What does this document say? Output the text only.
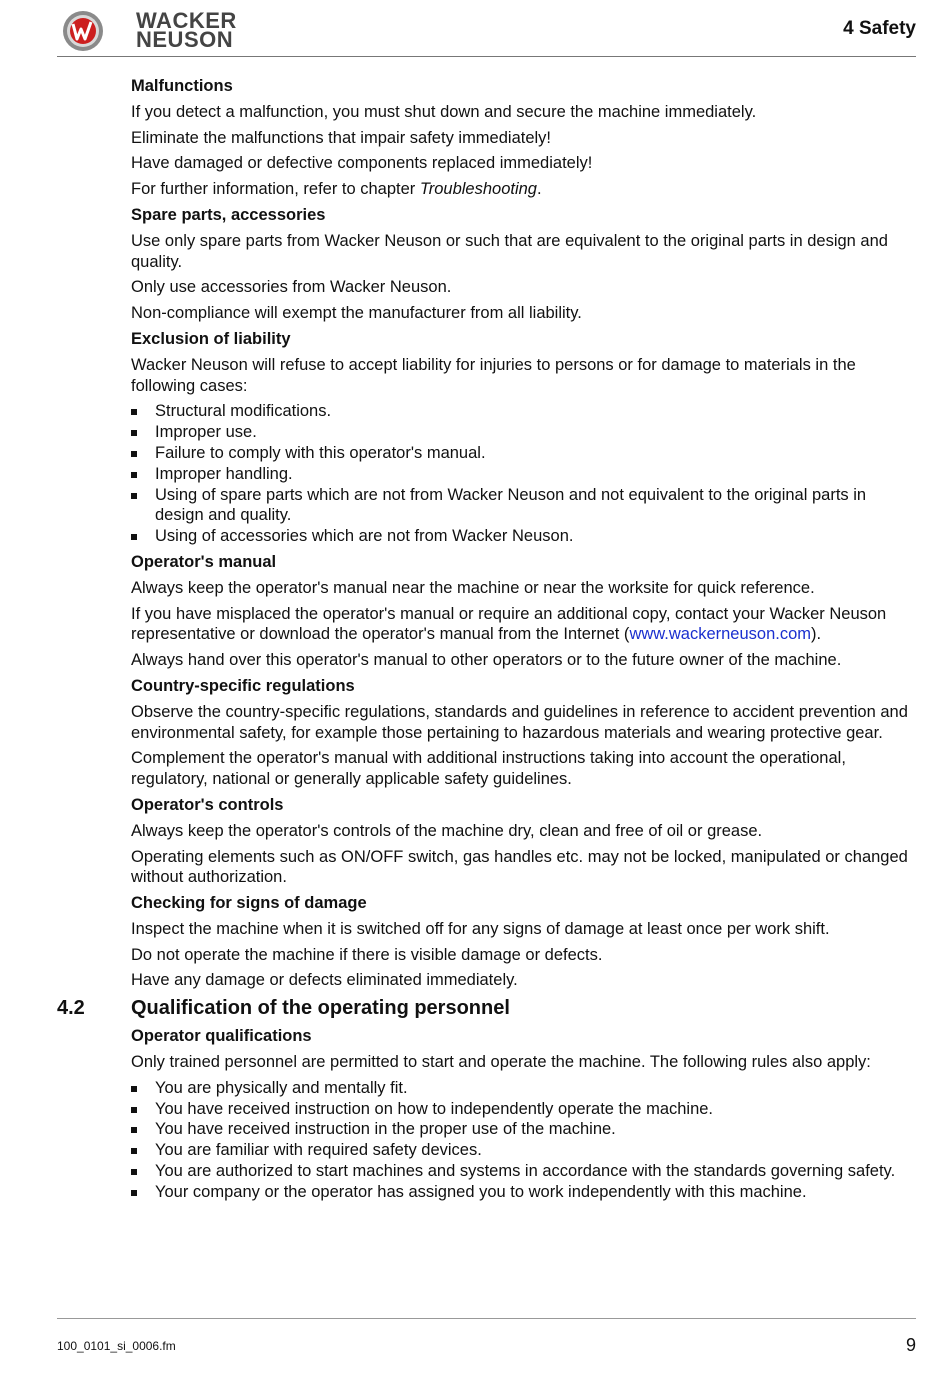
WACKER
NEUSON	4 Safety
Malfunctions
If you detect a malfunction, you must shut down and secure the machine immediately.
Eliminate the malfunctions that impair safety immediately!
Have damaged or defective components replaced immediately!
For further information, refer to chapter Troubleshooting.
Spare parts, accessories
Use only spare parts from Wacker Neuson or such that are equivalent to the original parts in design and quality.
Only use accessories from Wacker Neuson.
Non-compliance will exempt the manufacturer from all liability.
Exclusion of liability
Wacker Neuson will refuse to accept liability for injuries to persons or for damage to materials in the following cases:
Structural modifications.
Improper use.
Failure to comply with this operator's manual.
Improper handling.
Using of spare parts which are not from Wacker Neuson and not equivalent to the original parts in design and quality.
Using of accessories which are not from Wacker Neuson.
Operator's manual
Always keep the operator's manual near the machine or near the worksite for quick reference.
If you have misplaced the operator's manual or require an additional copy, contact your Wacker Neuson representative or download the operator's manual from the Internet (www.wackerneuson.com).
Always hand over this operator's manual to other operators or to the future owner of the machine.
Country-specific regulations
Observe the country-specific regulations, standards and guidelines in reference to accident prevention and environmental safety, for example those pertaining to hazardous materials and wearing protective gear.
Complement the operator's manual with additional instructions taking into account the operational, regulatory, national or generally applicable safety guidelines.
Operator's controls
Always keep the operator's controls of the machine dry, clean and free of oil or grease.
Operating elements such as ON/OFF switch, gas handles etc. may not be locked, manipulated or changed without authorization.
Checking for signs of damage
Inspect the machine when it is switched off for any signs of damage at least once per work shift.
Do not operate the machine if there is visible damage or defects.
Have any damage or defects eliminated immediately.
4.2 Qualification of the operating personnel
Operator qualifications
Only trained personnel are permitted to start and operate the machine. The following rules also apply:
You are physically and mentally fit.
You have received instruction on how to independently operate the machine.
You have received instruction in the proper use of the machine.
You are familiar with required safety devices.
You are authorized to start machines and systems in accordance with the standards governing safety.
Your company or the operator has assigned you to work independently with this machine.
100_0101_si_0006.fm	9
